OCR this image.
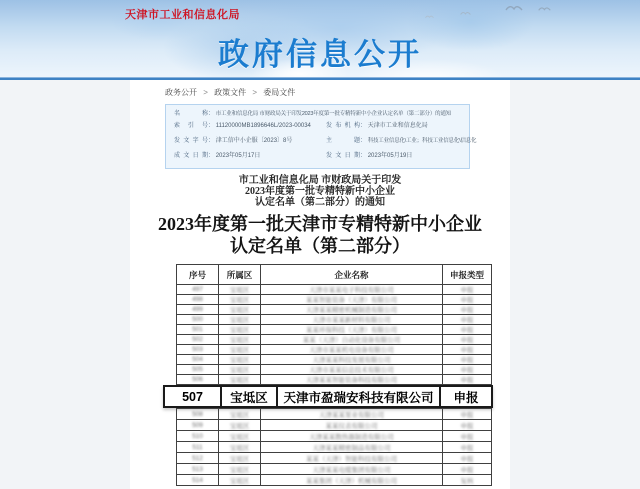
天津市工业和信息化局
政府信息公开
政务公开 > 政策文件 > 委局文件
名称： 市工业和信息化局 市财政局关于印发2023年度第一批专精特新中小企业认定名单（第二部分）的通知
索引号： 11120000MB1896646L/2023-00034	发布机构： 天津市工业和信息化局
发文字号： 津工信中小企服〔2023〕8号	主题： 科技工业信息化\工业；科技工业信息化\信息化
成文日期： 2023年05月17日	发文日期： 2023年05月19日
市工业和信息化局 市财政局关于印发
2023年度第一批专精特新中小企业
认定名单（第二部分）的通知
2023年度第一批天津市专精特新中小企业
认定名单（第二部分）
序号	所属区	企业名称	申报类型
497	宝坻区	天津市某某电子科技有限公司	申报
498	宝坻区	某某智能装备（天津）有限公司	申报
499	宝坻区	天津某某精密机械制造有限公司	申报
500	宝坻区	天津市某某新材料有限公司	申报
501	宝坻区	某某环保科技（天津）有限公司	申报
502	宝坻区	某某（天津）自动化设备有限公司	申报
503	宝坻区	天津市某某机电设备有限公司	申报
504	宝坻区	天津某某科技发展有限公司	申报
505	宝坻区	天津市某某信息技术有限公司	申报
506	宝坻区	天津某某智能装备科技有限公司	申报
507	宝坻区	天津市盈瑞安科技有限公司	申报
508	宝坻区	天津某某泵业有限公司	申报
509	宝坻区	某某仪表有限公司	申报
510	宝坻区	天津某某散热器制造有限公司	申报
511	宝坻区	天津某某精密制品有限公司	申报
512	宝坻区	某某（天津）智能科技有限公司	申报
513	宝坻区	天津某某电缆集团有限公司	申报
514	宝坻区	某某集团（天津）机械有限公司	复核
